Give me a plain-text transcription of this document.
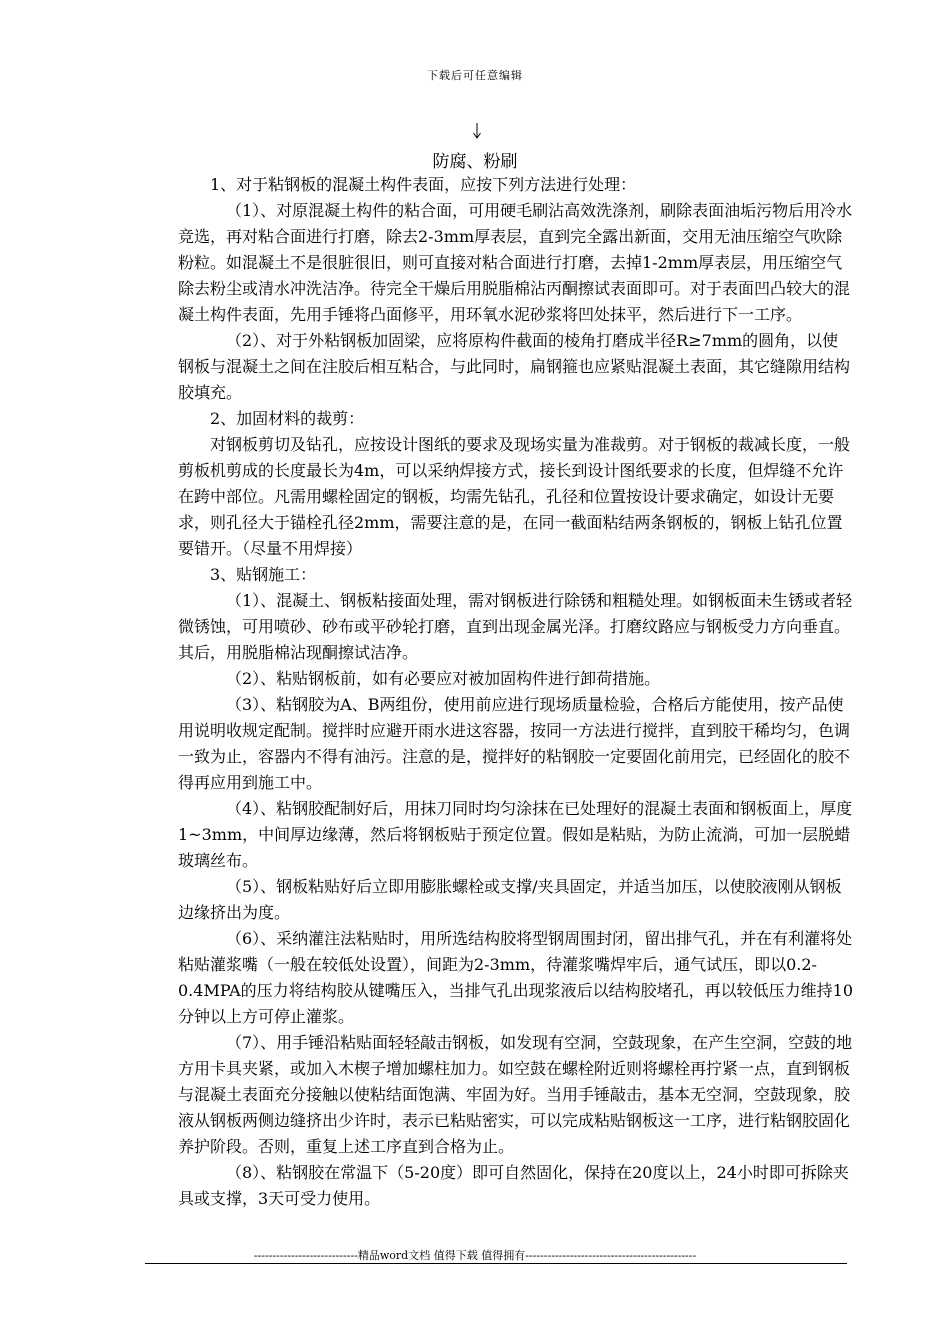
下载后可任意编辑
防腐、粉刷

1、对于粘钢板的混凝土构件表面，应按下列方法进行处理：

（1）、对原混凝土构件的粘合面，可用硬毛刷沾高效洗涤剂，刷除表面油垢污物后用冷水竞选，再对粘合面进行打磨，除去2-3mm厚表层，直到完全露出新面，交用无油压缩空气吹除粉粒。如混凝土不是很脏很旧，则可直接对粘合面进行打磨，去掉1-2mm厚表层，用压缩空气除去粉尘或清水冲洗洁净。待完全干燥后用脱脂棉沾丙酮擦试表面即可。对于表面凹凸较大的混凝土构件表面，先用手锤将凸面修平，用环氧水泥砂浆将凹处抹平，然后进行下一工序。

（2）、对于外粘钢板加固梁，应将原构件截面的棱角打磨成半径R≥7mm的圆角，以使钢板与混凝土之间在注胶后相互粘合，与此同时，扁钢箍也应紧贴混凝土表面，其它缝隙用结构胶填充。

2、加固材料的裁剪：

对钢板剪切及钻孔，应按设计图纸的要求及现场实量为准裁剪。对于钢板的裁减长度，一般剪板机剪成的长度最长为4m，可以采纳焊接方式，接长到设计图纸要求的长度，但焊缝不允许在跨中部位。凡需用螺栓固定的钢板，均需先钻孔，孔径和位置按设计要求确定，如设计无要求，则孔径大于锚栓孔径2mm，需要注意的是，在同一截面粘结两条钢板的，钢板上钻孔位置要错开。（尽量不用焊接）

3、贴钢施工：

（1）、混凝土、钢板粘接面处理，需对钢板进行除锈和粗糙处理。如钢板面未生锈或者轻微锈蚀，可用喷砂、砂布或平砂轮打磨，直到出现金属光泽。打磨纹路应与钢板受力方向垂直。其后，用脱脂棉沾现酮擦试洁净。

（2）、粘贴钢板前，如有必要应对被加固构件进行卸荷措施。

（3）、粘钢胶为A、B两组份，使用前应进行现场质量检验，合格后方能使用，按产品使用说明收规定配制。搅拌时应避开雨水进这容器，按同一方法进行搅拌，直到胶干稀均匀，色调一致为止，容器内不得有油污。注意的是，搅拌好的粘钢胶一定要固化前用完，已经固化的胶不得再应用到施工中。

（4）、粘钢胶配制好后，用抹刀同时均匀涂抹在已处理好的混凝土表面和钢板面上，厚度1~3mm，中间厚边缘薄，然后将钢板贴于预定位置。假如是粘贴，为防止流淌，可加一层脱蜡玻璃丝布。

（5）、钢板粘贴好后立即用膨胀螺栓或支撑/夹具固定，并适当加压，以使胶液刚从钢板边缘挤出为度。

（6）、采纳灌注法粘贴时，用所选结构胶将型钢周围封闭，留出排气孔，并在有利灌将处粘贴灌浆嘴（一般在较低处设置），间距为2-3mm，待灌浆嘴焊牢后，通气试压，即以0.2-0.4MPA的压力将结构胶从键嘴压入，当排气孔出现浆液后以结构胶堵孔，再以较低压力维持10分钟以上方可停止灌浆。

（7）、用手锤沿粘贴面轻轻敲击钢板，如发现有空洞，空鼓现象，在产生空洞，空鼓的地方用卡具夹紧，或加入木楔子增加螺柱加力。如空鼓在螺栓附近则将螺栓再拧紧一点，直到钢板与混凝土表面充分接触以使粘结面饱满、牢固为好。当用手锤敲击，基本无空洞，空鼓现象，胶液从钢板两侧边缝挤出少许时，表示已粘贴密实，可以完成粘贴钢板这一工序，进行粘钢胶固化养护阶段。否则，重复上述工序直到合格为止。

（8）、粘钢胶在常温下（5-20度）即可自然固化，保持在20度以上，24小时即可拆除夹具或支撑，3天可受力使用。

----------------------------精品word文档 值得下载 值得拥有----------------------------------------------
